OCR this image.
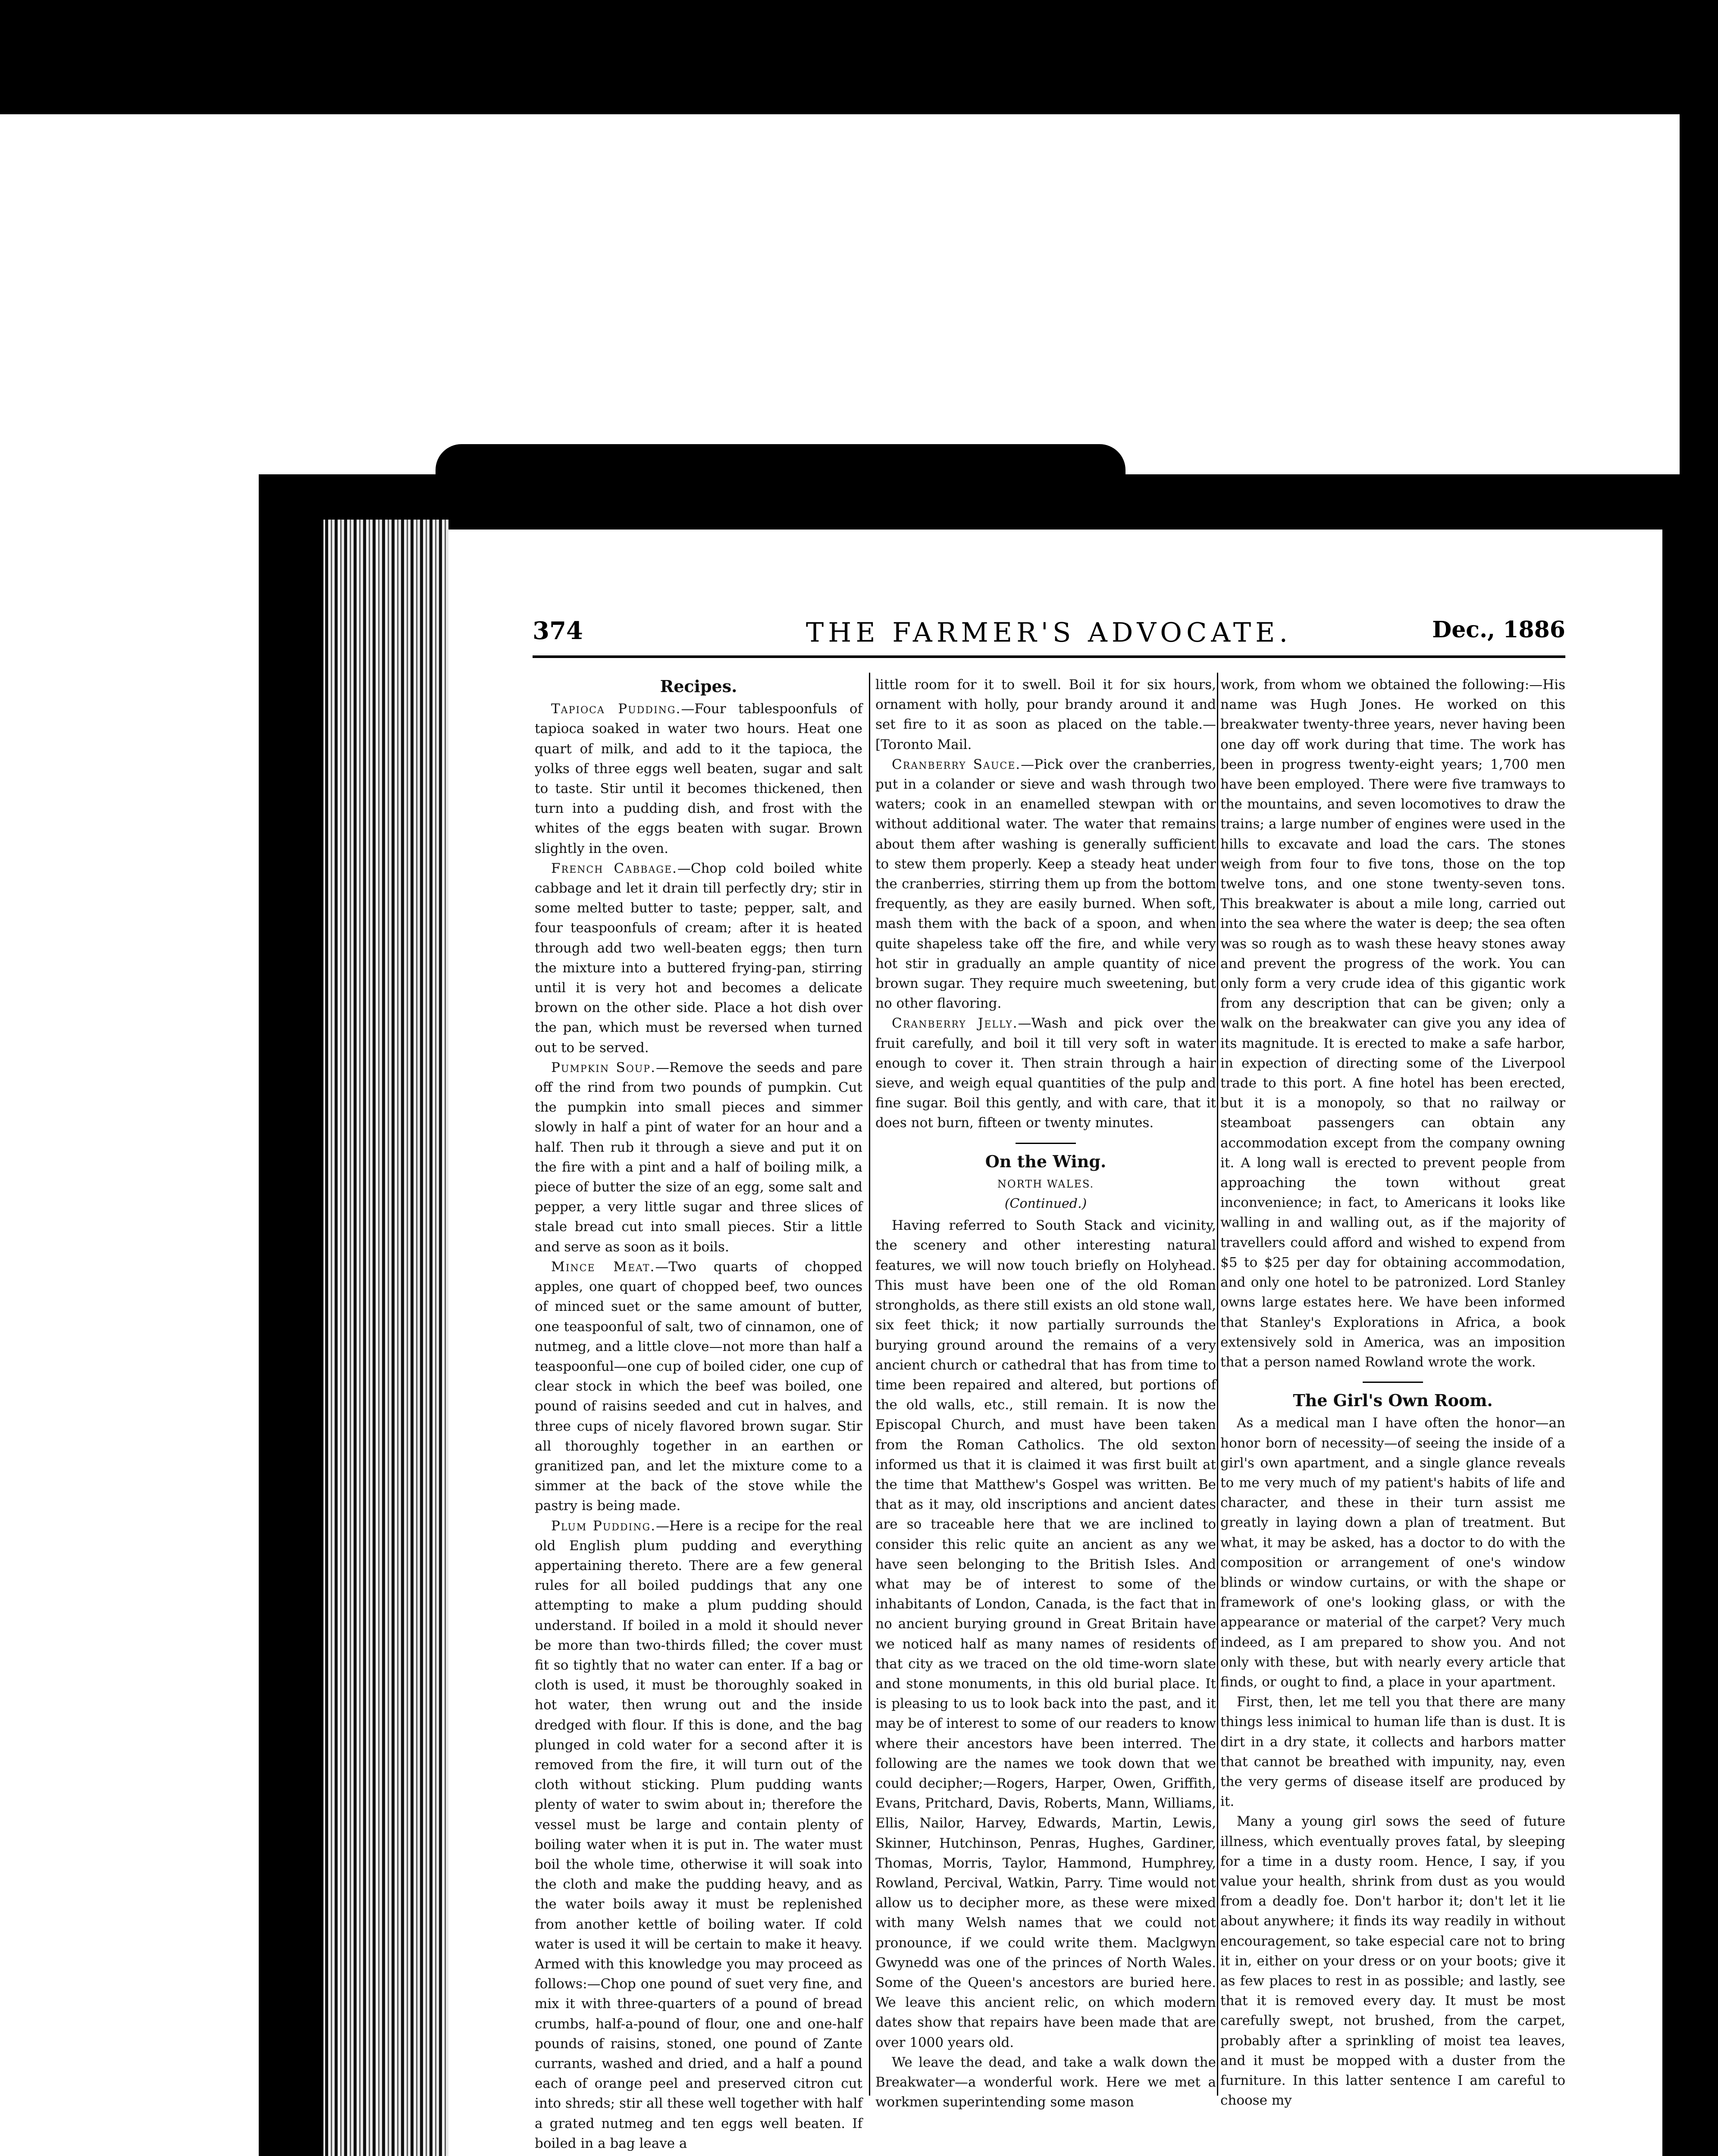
374	THE FARMER'S ADVOCATE.	Dec., 1886
Recipes.

Tapioca Pudding.—Four tablespoonfuls of tapioca soaked in water two hours. Heat one quart of milk, and add to it the tapioca, the yolks of three eggs well beaten, sugar and salt to taste. Stir until it becomes thickened, then turn into a pudding dish, and frost with the whites of the eggs beaten with sugar. Brown slightly in the oven.

French Cabbage.—Chop cold boiled white cabbage and let it drain till perfectly dry; stir in some melted butter to taste; pepper, salt, and four teaspoonfuls of cream; after it is heated through add two well-beaten eggs; then turn the mixture into a buttered frying-pan, stirring until it is very hot and becomes a delicate brown on the other side. Place a hot dish over the pan, which must be reversed when turned out to be served.

Pumpkin Soup.—Remove the seeds and pare off the rind from two pounds of pumpkin. Cut the pumpkin into small pieces and simmer slowly in half a pint of water for an hour and a half. Then rub it through a sieve and put it on the fire with a pint and a half of boiling milk, a piece of butter the size of an egg, some salt and pepper, a very little sugar and three slices of stale bread cut into small pieces. Stir a little and serve as soon as it boils.

Mince Meat.—Two quarts of chopped apples, one quart of chopped beef, two ounces of minced suet or the same amount of butter, one teaspoonful of salt, two of cinnamon, one of nutmeg, and a little clove—not more than half a teaspoonful—one cup of boiled cider, one cup of clear stock in which the beef was boiled, one pound of raisins seeded and cut in halves, and three cups of nicely flavored brown sugar. Stir all thoroughly together in an earthen or granitized pan, and let the mixture come to a simmer at the back of the stove while the pastry is being made.

Plum Pudding.—Here is a recipe for the real old English plum pudding and everything appertaining thereto. There are a few general rules for all boiled puddings that any one attempting to make a plum pudding should understand. If boiled in a mold it should never be more than two-thirds filled; the cover must fit so tightly that no water can enter. If a bag or cloth is used, it must be thoroughly soaked in hot water, then wrung out and the inside dredged with flour. If this is done, and the bag plunged in cold water for a second after it is removed from the fire, it will turn out of the cloth without sticking. Plum pudding wants plenty of water to swim about in; therefore the vessel must be large and contain plenty of boiling water when it is put in. The water must boil the whole time, otherwise it will soak into the cloth and make the pudding heavy, and as the water boils away it must be replenished from another kettle of boiling water. If cold water is used it will be certain to make it heavy. Armed with this knowledge you may proceed as follows:—Chop one pound of suet very fine, and mix it with three-quarters of a pound of bread crumbs, half-a-pound of flour, one and one-half pounds of raisins, stoned, one pound of Zante currants, washed and dried, and a half a pound each of orange peel and preserved citron cut into shreds; stir all these well together with half a grated nutmeg and ten eggs well beaten. If boiled in a bag leave a

little room for it to swell. Boil it for six hours, ornament with holly, pour brandy around it and set fire to it as soon as placed on the table.—[Toronto Mail.

Cranberry Sauce.—Pick over the cranberries, put in a colander or sieve and wash through two waters; cook in an enamelled stewpan with or without additional water. The water that remains about them after washing is generally sufficient to stew them properly. Keep a steady heat under the cranberries, stirring them up from the bottom frequently, as they are easily burned. When soft, mash them with the back of a spoon, and when quite shapeless take off the fire, and while very hot stir in gradually an ample quantity of nice brown sugar. They require much sweetening, but no other flavoring.

Cranberry Jelly.—Wash and pick over the fruit carefully, and boil it till very soft in water enough to cover it. Then strain through a hair sieve, and weigh equal quantities of the pulp and fine sugar. Boil this gently, and with care, that it does not burn, fifteen or twenty minutes.

On the Wing.
NORTH WALES.
(Continued.)

Having referred to South Stack and vicinity, the scenery and other interesting natural features, we will now touch briefly on Holyhead. This must have been one of the old Roman strongholds, as there still exists an old stone wall, six feet thick; it now partially surrounds the burying ground around the remains of a very ancient church or cathedral that has from time to time been repaired and altered, but portions of the old walls, etc., still remain. It is now the Episcopal Church, and must have been taken from the Roman Catholics. The old sexton informed us that it is claimed it was first built at the time that Matthew's Gospel was written. Be that as it may, old inscriptions and ancient dates are so traceable here that we are inclined to consider this relic quite an ancient as any we have seen belonging to the British Isles. And what may be of interest to some of the inhabitants of London, Canada, is the fact that in no ancient burying ground in Great Britain have we noticed half as many names of residents of that city as we traced on the old time-worn slate and stone monuments, in this old burial place. It is pleasing to us to look back into the past, and it may be of interest to some of our readers to know where their ancestors have been interred. The following are the names we took down that we could decipher;—Rogers, Harper, Owen, Griffith, Evans, Pritchard, Davis, Roberts, Mann, Williams, Ellis, Nailor, Harvey, Edwards, Martin, Lewis, Skinner, Hutchinson, Penras, Hughes, Gardiner, Thomas, Morris, Taylor, Hammond, Humphrey, Rowland, Percival, Watkin, Parry. Time would not allow us to decipher more, as these were mixed with many Welsh names that we could not pronounce, if we could write them. Maclgwyn Gwynedd was one of the princes of North Wales. Some of the Queen's ancestors are buried here. We leave this ancient relic, on which modern dates show that repairs have been made that are over 1000 years old.

We leave the dead, and take a walk down the Breakwater—a wonderful work. Here we met a workmen superintending some mason

work, from whom we obtained the following:—His name was Hugh Jones. He worked on this breakwater twenty-three years, never having been one day off work during that time. The work has been in progress twenty-eight years; 1,700 men have been employed. There were five tramways to the mountains, and seven locomotives to draw the trains; a large number of engines were used in the hills to excavate and load the cars. The stones weigh from four to five tons, those on the top twelve tons, and one stone twenty-seven tons. This breakwater is about a mile long, carried out into the sea where the water is deep; the sea often was so rough as to wash these heavy stones away and prevent the progress of the work. You can only form a very crude idea of this gigantic work from any description that can be given; only a walk on the breakwater can give you any idea of its magnitude. It is erected to make a safe harbor, in expection of directing some of the Liverpool trade to this port. A fine hotel has been erected, but it is a monopoly, so that no railway or steamboat passengers can obtain any accommodation except from the company owning it. A long wall is erected to prevent people from approaching the town without great inconvenience; in fact, to Americans it looks like walling in and walling out, as if the majority of travellers could afford and wished to expend from $5 to $25 per day for obtaining accommodation, and only one hotel to be patronized. Lord Stanley owns large estates here. We have been informed that Stanley's Explorations in Africa, a book extensively sold in America, was an imposition that a person named Rowland wrote the work.

The Girl's Own Room.

As a medical man I have often the honor—an honor born of necessity—of seeing the inside of a girl's own apartment, and a single glance reveals to me very much of my patient's habits of life and character, and these in their turn assist me greatly in laying down a plan of treatment. But what, it may be asked, has a doctor to do with the composition or arrangement of one's window blinds or window curtains, or with the shape or framework of one's looking glass, or with the appearance or material of the carpet? Very much indeed, as I am prepared to show you. And not only with these, but with nearly every article that finds, or ought to find, a place in your apartment.

First, then, let me tell you that there are many things less inimical to human life than is dust. It is dirt in a dry state, it collects and harbors matter that cannot be breathed with impunity, nay, even the very germs of disease itself are produced by it.

Many a young girl sows the seed of future illness, which eventually proves fatal, by sleeping for a time in a dusty room. Hence, I say, if you value your health, shrink from dust as you would from a deadly foe. Don't harbor it; don't let it lie about anywhere; it finds its way readily in without encouragement, so take especial care not to bring it in, either on your dress or on your boots; give it as few places to rest in as possible; and lastly, see that it is removed every day. It must be most carefully swept, not brushed, from the carpet, probably after a sprinkling of moist tea leaves, and it must be mopped with a duster from the furniture. In this latter sentence I am careful to choose my
